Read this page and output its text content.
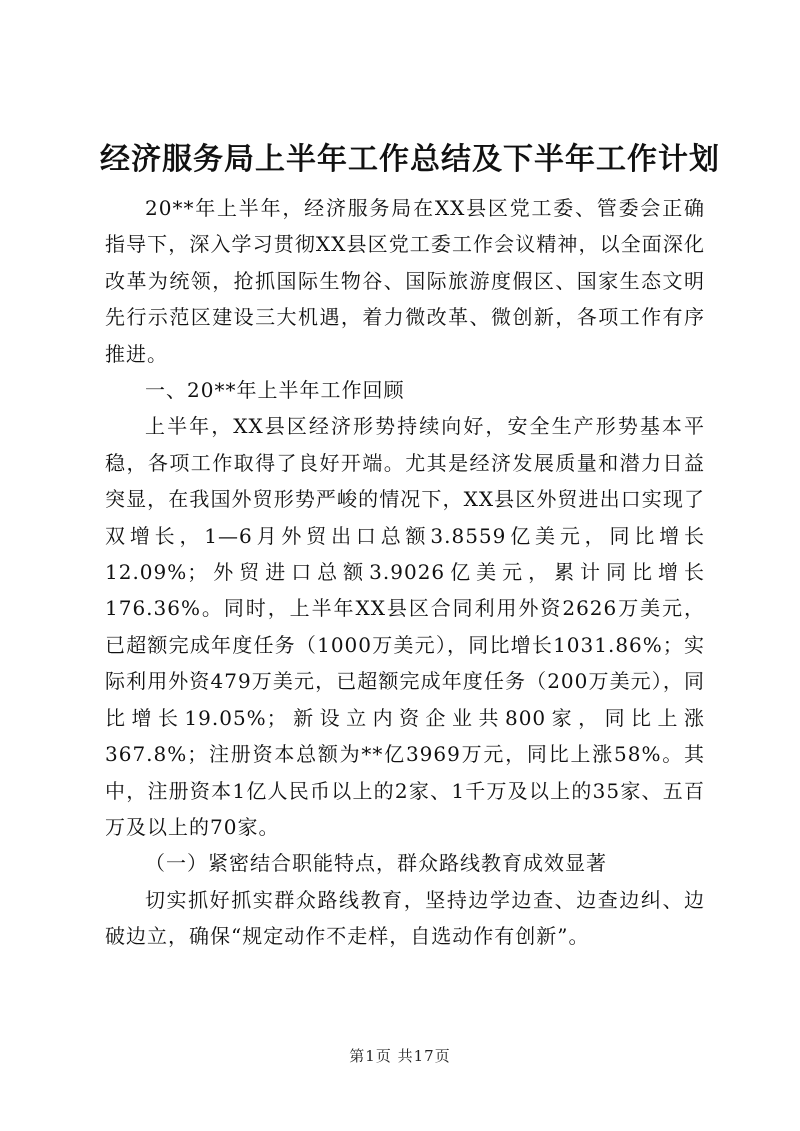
经济服务局上半年工作总结及下半年工作计划

20**年上半年，经济服务局在XX县区党工委、管委会正确指导下，深入学习贯彻XX县区党工委工作会议精神，以全面深化改革为统领，抢抓国际生物谷、国际旅游度假区、国家生态文明先行示范区建设三大机遇，着力微改革、微创新，各项工作有序推进。

一、20**年上半年工作回顾

上半年，XX县区经济形势持续向好，安全生产形势基本平稳，各项工作取得了良好开端。尤其是经济发展质量和潜力日益突显，在我国外贸形势严峻的情况下，XX县区外贸进出口实现了双增长，1—6月外贸出口总额3.8559亿美元，同比增长12.09%；外贸进口总额3.9026亿美元，累计同比增长176.36%。同时，上半年XX县区合同利用外资2626万美元，已超额完成年度任务（1000万美元），同比增长1031.86%；实际利用外资479万美元，已超额完成年度任务（200万美元），同比增长19.05%；新设立内资企业共800家，同比上涨367.8%；注册资本总额为**亿3969万元，同比上涨58%。其中，注册资本1亿人民币以上的2家、1千万及以上的35家、五百万及以上的70家。

（一）紧密结合职能特点，群众路线教育成效显著

切实抓好抓实群众路线教育，坚持边学边查、边查边纠、边破边立，确保“规定动作不走样，自选动作有创新”。

第1页 共17页
